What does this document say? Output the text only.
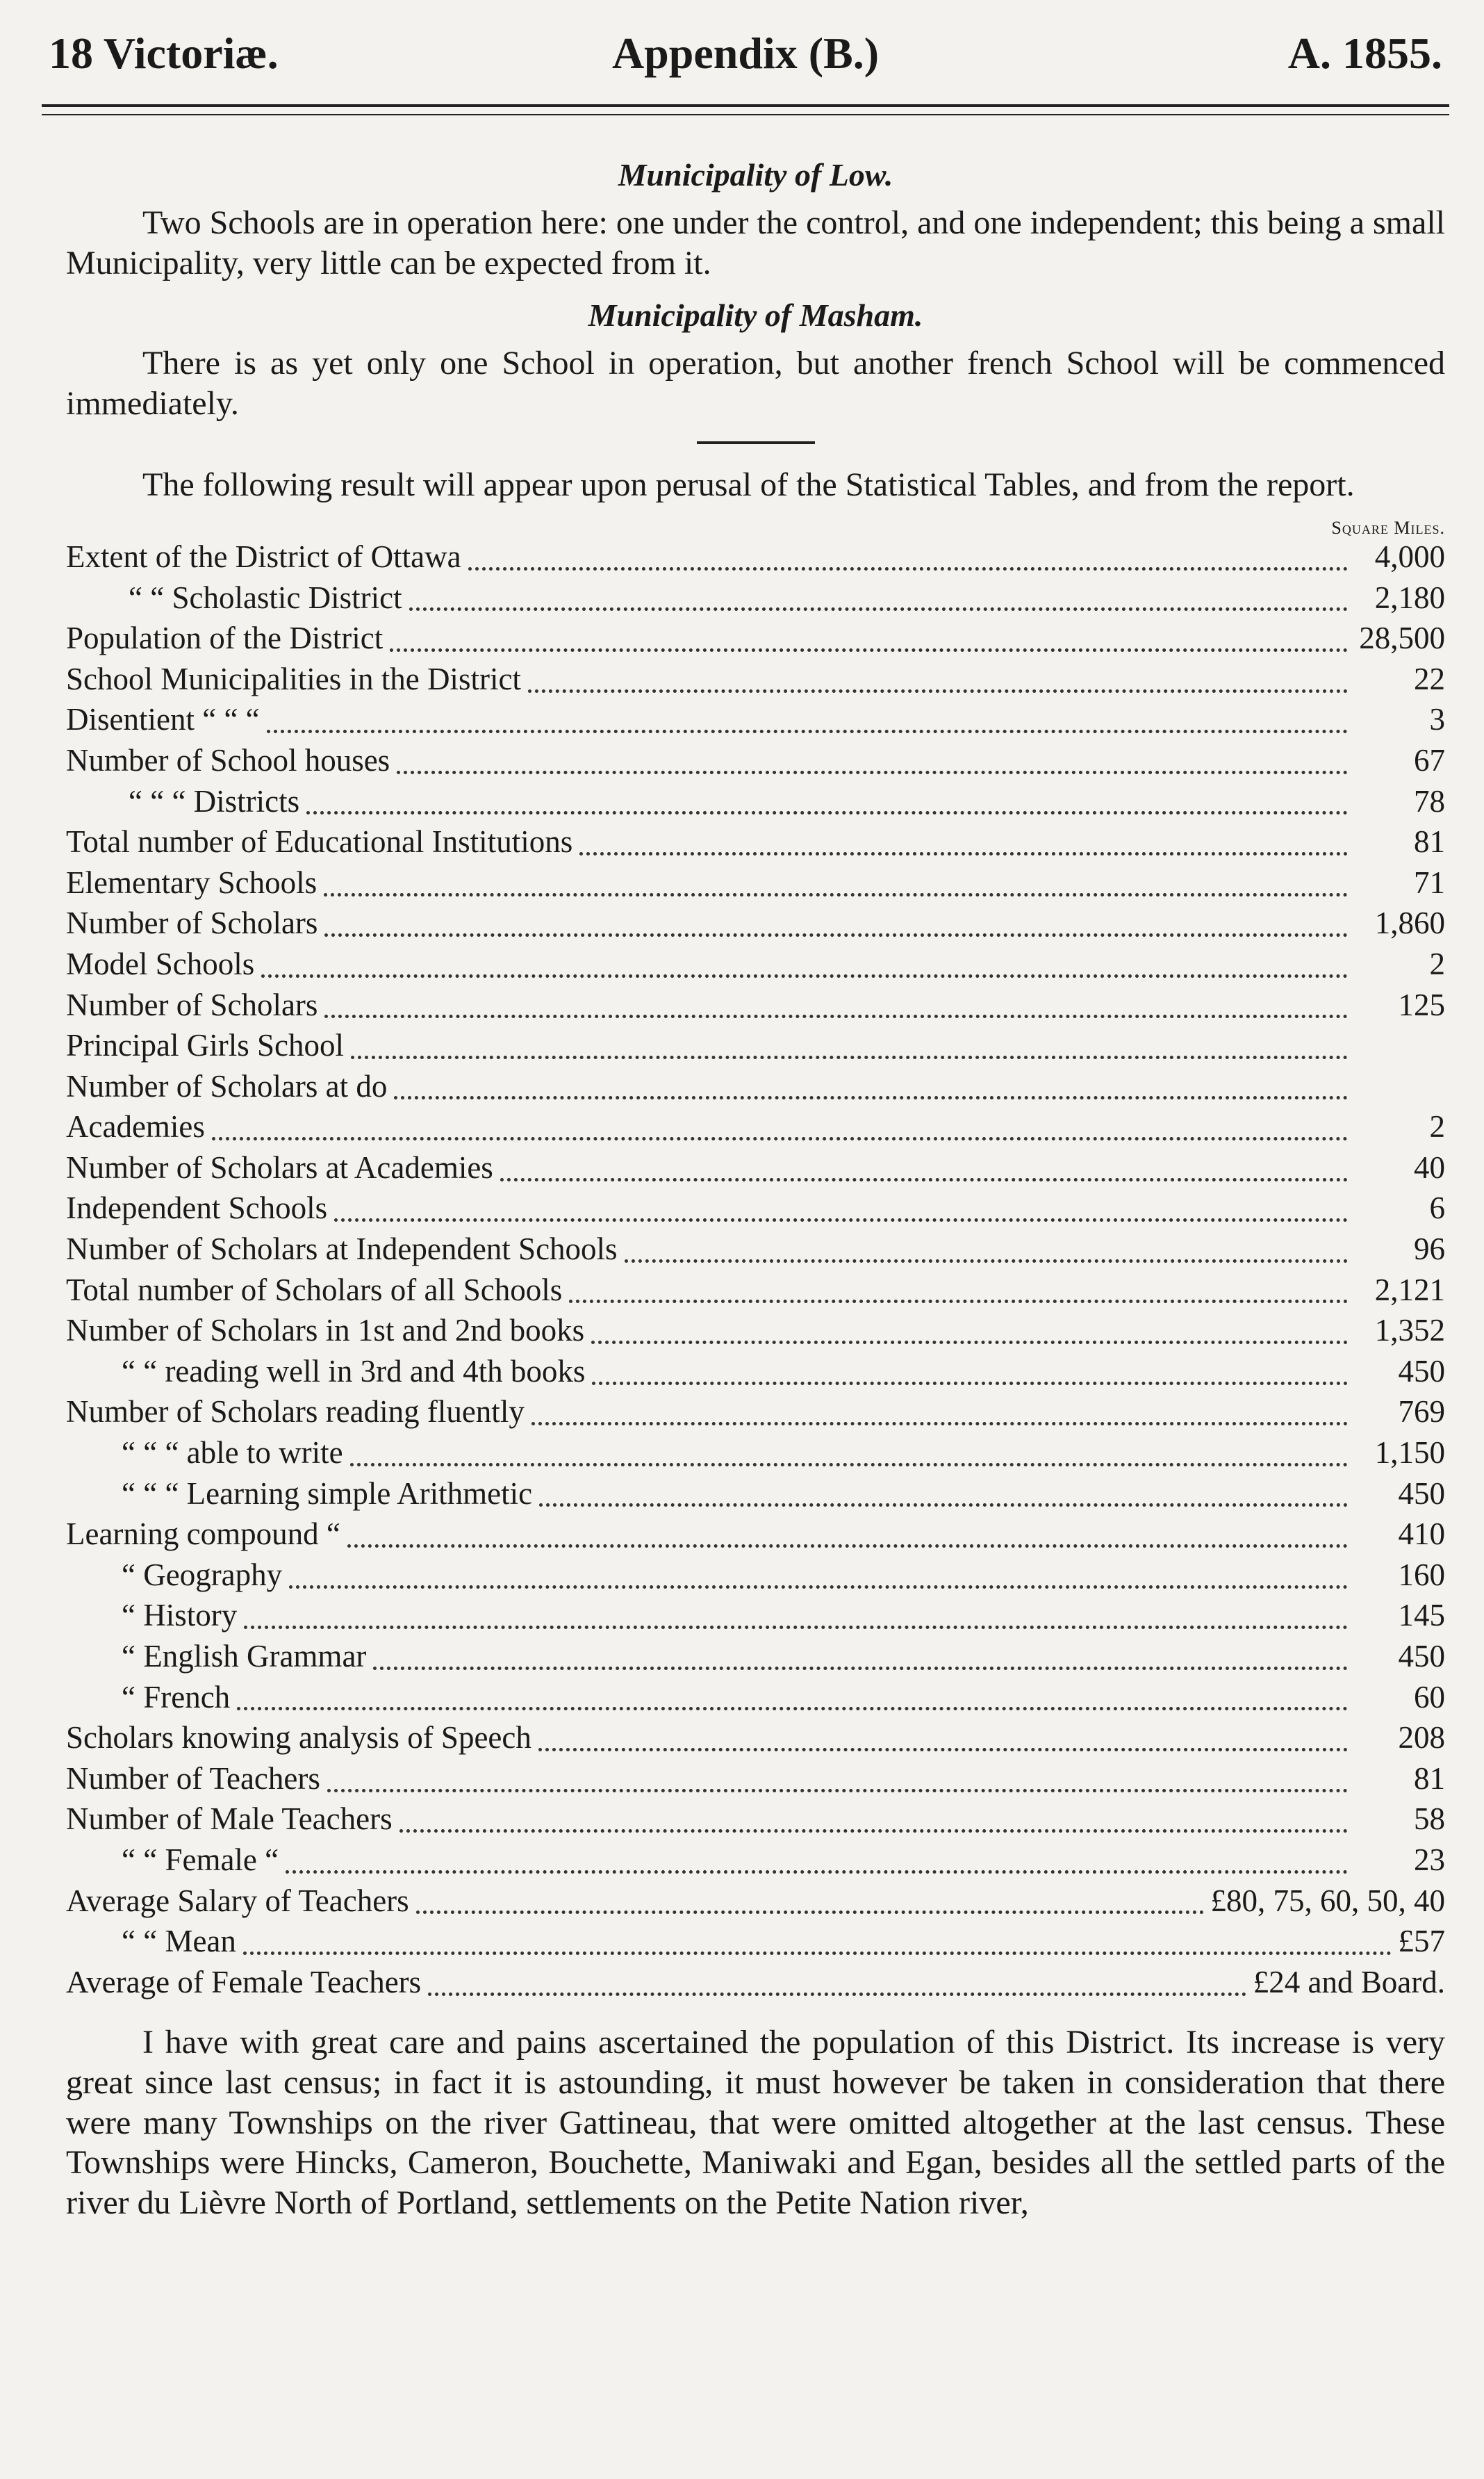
18 Victoriæ.	Appendix (B.)	A. 1855.
Municipality of Low.

Two Schools are in operation here: one under the control, and one independent; this being a small Municipality, very little can be expected from it.

Municipality of Masham.

There is as yet only one School in operation, but another french School will be commenced immediately.

The following result will appear upon perusal of the Statistical Tables, and from the report.

Square Miles.
Extent of the District of Ottawa	4,000
“ “ Scholastic District	2,180
Population of the District	28,500
School Municipalities in the District	22
Disentient “ “ “	3
Number of School houses	67
“ “ “ Districts	78
Total number of Educational Institutions	81
Elementary Schools	71
Number of Scholars	1,860
Model Schools	2
Number of Scholars	125
Principal Girls School
Number of Scholars at do
Academies	2
Number of Scholars at Academies	40
Independent Schools	6
Number of Scholars at Independent Schools	96
Total number of Scholars of all Schools	2,121
Number of Scholars in 1st and 2nd books	1,352
“ “ reading well in 3rd and 4th books	450
Number of Scholars reading fluently	769
“ “ “ able to write	1,150
“ “ “ Learning simple Arithmetic	450
Learning compound “	410
“ Geography	160
“ History	145
“ English Grammar	450
“ French	60
Scholars knowing analysis of Speech	208
Number of Teachers	81
Number of Male Teachers	58
“ “ Female “	23
Average Salary of Teachers	£80, 75, 60, 50, 40
“ “ Mean	£57
Average of Female Teachers	£24 and Board.

I have with great care and pains ascertained the population of this District. Its increase is very great since last census; in fact it is astounding, it must however be taken in consideration that there were many Townships on the river Gattineau, that were omitted altogether at the last census. These Townships were Hincks, Cameron, Bouchette, Maniwaki and Egan, besides all the settled parts of the river du Lièvre North of Portland, settlements on the Petite Nation river,
